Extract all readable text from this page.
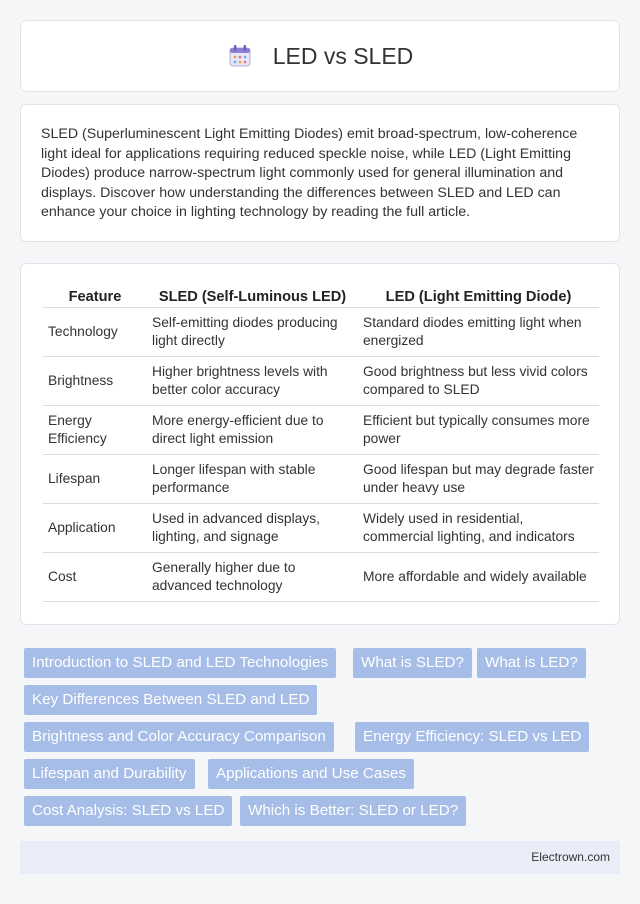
LED vs SLED

SLED (Superluminescent Light Emitting Diodes) emit broad-spectrum, low-coherence light ideal for applications requiring reduced speckle noise, while LED (Light Emitting Diodes) produce narrow-spectrum light commonly used for general illumination and displays. Discover how understanding the differences between SLED and LED can enhance your choice in lighting technology by reading the full article.

Feature	SLED (Self-Luminous LED)	LED (Light Emitting Diode)
Technology	Self-emitting diodes producing light directly	Standard diodes emitting light when energized
Brightness	Higher brightness levels with better color accuracy	Good brightness but less vivid colors compared to SLED
Energy Efficiency	More energy-efficient due to direct light emission	Efficient but typically consumes more power
Lifespan	Longer lifespan with stable performance	Good lifespan but may degrade faster under heavy use
Application	Used in advanced displays, lighting, and signage	Widely used in residential, commercial lighting, and indicators
Cost	Generally higher due to advanced technology	More affordable and widely available
Introduction to SLED and LED Technologies	What is SLED?	What is LED?
Key Differences Between SLED and LED
Brightness and Color Accuracy Comparison	Energy Efficiency: SLED vs LED
Lifespan and Durability	Applications and Use Cases
Cost Analysis: SLED vs LED	Which is Better: SLED or LED?
Electrown.com
